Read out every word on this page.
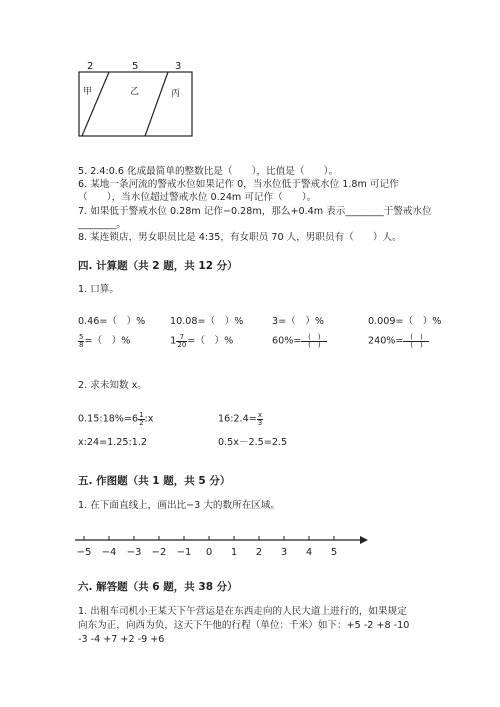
2	5	3
甲	乙	丙
5. 2.4:0.6 化成最简单的整数比是（　　），比值是（　　）。
6. 某地一条河流的警戒水位如果记作 0，当水位低于警戒水位 1.8m 可记作
（　　），当水位超过警戒水位 0.24m 可记作（　　）。
7. 如果低于警戒水位 0.28m 记作−0.28m，那么+0.4m 表示________于警戒水位
________。
8. 某连锁店，男女职员比是 4:35，有女职员 70 人，男职员有（　　）人。
四. 计算题（共 2 题，共 12 分）
1. 口算。
0.46=（　）%	10.08=（　）%	3=（　）%	0.009=（　）%
$\frac{5}{8}$ =（　）%	$1 \frac{7}{20}$ =（　）%	$60\%= \frac{( )}{( )}$	$240\%= \frac{( )}{( )}$
2. 求未知数 x。
0.15:18%=6 $\frac{1}{2}$ :x	16:2.4= $\frac{x}{3}$
x:24=1.25:1.2	0.5x－2.5=2.5
五. 作图题（共 1 题，共 5 分）
1. 在下面直线上，画出比−3 大的数所在区域。
−5 −4 −3 −2 −1 0 1 2 3 4 5
六. 解答题（共 6 题，共 38 分）
1. 出租车司机小王某天下午营运是在东西走向的人民大道上进行的，如果规定
向东为正，向西为负，这天下午他的行程（单位：千米）如下：+5 -2 +8 -10
-3 -4 +7 +2 -9 +6
